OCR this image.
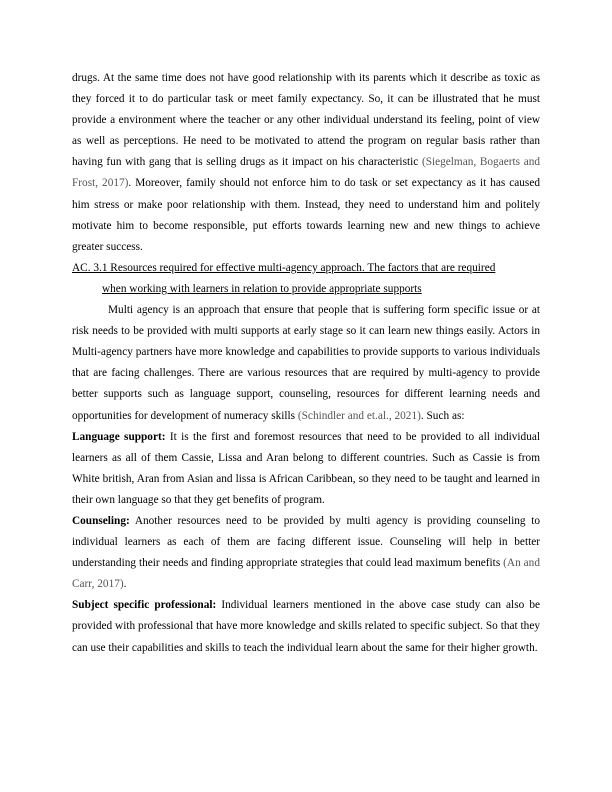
drugs. At the same time does not have good relationship with its parents which it describe as toxic as they forced it to do particular task or meet family expectancy. So, it can be illustrated that he must provide a environment where the teacher or any other individual understand its feeling, point of view as well as perceptions. He need to be motivated to attend the program on regular basis rather than having fun with gang that is selling drugs as it impact on his characteristic (Siegelman, Bogaerts and Frost, 2017). Moreover, family should not enforce him to do task or set expectancy as it has caused him stress or make poor relationship with them. Instead, they need to understand him and politely motivate him to become responsible, put efforts towards learning new and new things to achieve greater success.

AC. 3.1 Resources required for effective multi-agency approach. The factors that are required
when working with learners in relation to provide appropriate supports

Multi agency is an approach that ensure that people that is suffering form specific issue or at risk needs to be provided with multi supports at early stage so it can learn new things easily. Actors in Multi-agency partners have more knowledge and capabilities to provide supports to various individuals that are facing challenges. There are various resources that are required by multi-agency to provide better supports such as language support, counseling, resources for different learning needs and opportunities for development of numeracy skills (Schindler and et.al., 2021). Such as:

Language support: It is the first and foremost resources that need to be provided to all individual learners as all of them Cassie, Lissa and Aran belong to different countries. Such as Cassie is from White british, Aran from Asian and lissa is African Caribbean, so they need to be taught and learned in their own language so that they get benefits of program.

Counseling: Another resources need to be provided by multi agency is providing counseling to individual learners as each of them are facing different issue. Counseling will help in better understanding their needs and finding appropriate strategies that could lead maximum benefits (An and Carr, 2017).

Subject specific professional: Individual learners mentioned in the above case study can also be provided with professional that have more knowledge and skills related to specific subject. So that they can use their capabilities and skills to teach the individual learn about the same for their higher growth.
